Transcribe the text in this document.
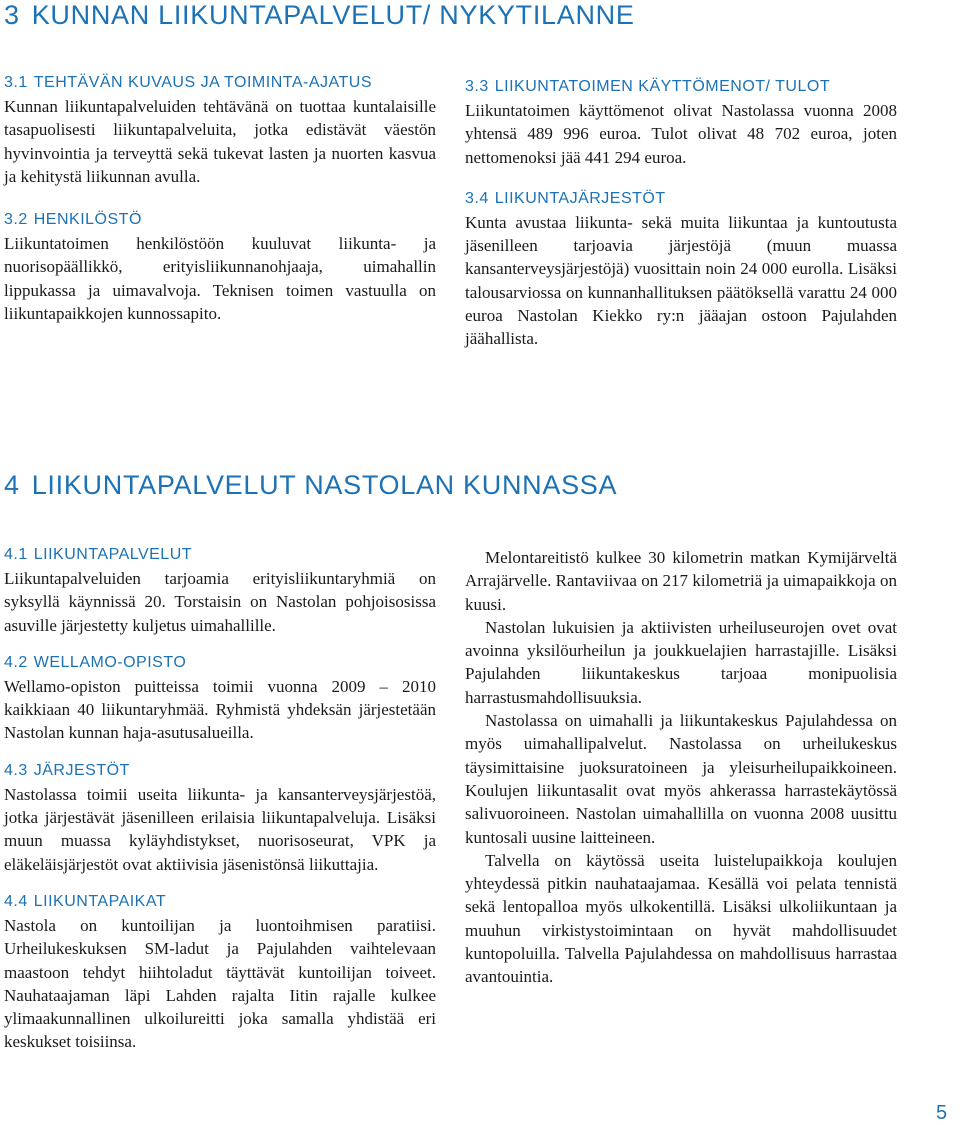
3 KUNNAN LIIKUNTAPALVELUT/ NYKYTILANNE
3.1 TEHTÄVÄN KUVAUS JA TOIMINTA-AJATUS

Kunnan liikuntapalveluiden tehtävänä on tuottaa kuntalaisille tasapuolisesti liikuntapalveluita, jotka edistävät väestön hyvinvointia ja terveyttä sekä tukevat lasten ja nuorten kasvua ja kehitystä liikunnan avulla.

3.2 HENKILÖSTÖ

Liikuntatoimen henkilöstöön kuuluvat liikunta- ja nuorisopäällikkö, erityisliikunnanohjaaja, uimahallin lippukassa ja uimavalvoja. Teknisen toimen vastuulla on liikuntapaikkojen kunnossapito.

3.3 LIIKUNTATOIMEN KÄYTTÖMENOT/ TULOT

Liikuntatoimen käyttömenot olivat Nastolassa vuonna 2008 yhtensä 489 996 euroa. Tulot olivat 48 702 euroa, joten nettomenoksi jää 441 294 euroa.

3.4 LIIKUNTAJÄRJESTÖT

Kunta avustaa liikunta- sekä muita liikuntaa ja kuntoutusta jäsenilleen tarjoavia järjestöjä (muun muassa kansanterveysjärjestöjä) vuosittain noin 24 000 eurolla. Lisäksi talousarviossa on kunnanhallituksen päätöksellä varattu 24 000 euroa Nastolan Kiekko ry:n jääajan ostoon Pajulahden jäähallista.

4 LIIKUNTAPALVELUT NASTOLAN KUNNASSA
4.1 LIIKUNTAPALVELUT

Liikuntapalveluiden tarjoamia erityisliikuntaryhmiä on syksyllä käynnissä 20. Torstaisin on Nastolan pohjoisosissa asuville järjestetty kuljetus uimahallille.

4.2 WELLAMO-OPISTO

Wellamo-opiston puitteissa toimii vuonna 2009 – 2010 kaikkiaan 40 liikuntaryhmää. Ryhmistä yhdeksän järjestetään Nastolan kunnan haja-asutusalueilla.

4.3 JÄRJESTÖT

Nastolassa toimii useita liikunta- ja kansanterveysjärjestöä, jotka järjestävät jäsenilleen erilaisia liikuntapalveluja. Lisäksi muun muassa kyläyhdistykset, nuorisoseurat, VPK ja eläkeläisjärjestöt ovat aktiivisia jäsenistönsä liikuttajia.

4.4 LIIKUNTAPAIKAT

Nastola on kuntoilijan ja luontoihmisen paratiisi. Urheilukeskuksen SM-ladut ja Pajulahden vaihtelevaan maastoon tehdyt hiihtoladut täyttävät kuntoilijan toiveet. Nauhataajaman läpi Lahden rajalta Iitin rajalle kulkee ylimaakunnallinen ulkoilureitti joka samalla yhdistää eri keskukset toisiinsa.

Melontareitistö kulkee 30 kilometrin matkan Kymijärveltä Arrajärvelle. Rantaviivaa on 217 kilometriä ja uimapaikkoja on kuusi.

Nastolan lukuisien ja aktiivisten urheiluseurojen ovet ovat avoinna yksilöurheilun ja joukkuelajien harrastajille. Lisäksi Pajulahden liikuntakeskus tarjoaa monipuolisia harrastusmahdollisuuksia.

Nastolassa on uimahalli ja liikuntakeskus Pajulahdessa on myös uimahallipalvelut. Nastolassa on urheilukeskus täysimittaisine juoksuratoineen ja yleisurheilupaikkoineen. Koulujen liikuntasalit ovat myös ahkerassa harrastekäytössä salivuoroineen. Nastolan uimahallilla on vuonna 2008 uusittu kuntosali uusine laitteineen.

Talvella on käytössä useita luistelupaikkoja koulujen yhteydessä pitkin nauhataajamaa. Kesällä voi pelata tennistä sekä lentopalloa myös ulkokentillä. Lisäksi ulkoliikuntaan ja muuhun virkistystoimintaan on hyvät mahdollisuudet kuntopoluilla. Talvella Pajulahdessa on mahdollisuus harrastaa avantouintia.

5
